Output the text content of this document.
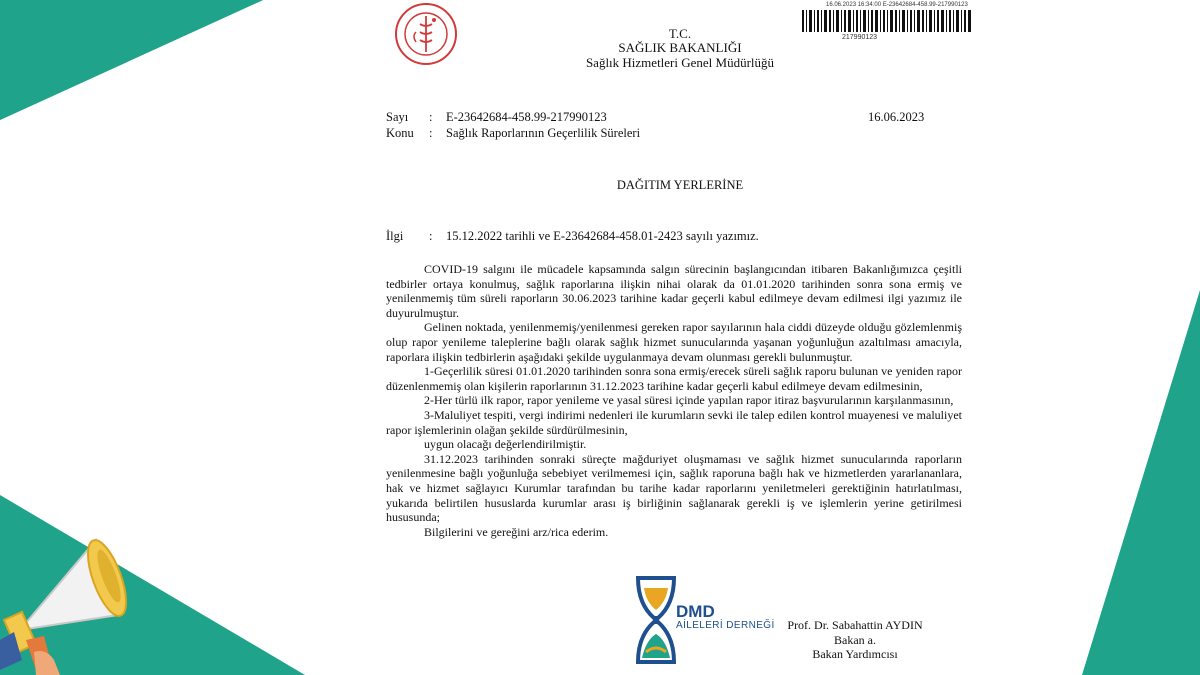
16.06.2023 16:34:00 E-23642684-458.99-217990123
217990123
T.C.
SAĞLIK BAKANLIĞI
Sağlık Hizmetleri Genel Müdürlüğü
Sayı : E-23642684-458.99-217990123	16.06.2023
Konu : Sağlık Raporlarının Geçerlilik Süreleri
DAĞITIM YERLERİNE
İlgi : 15.12.2022 tarihli ve E-23642684-458.01-2423 sayılı yazımız.

COVID-19 salgını ile mücadele kapsamında salgın sürecinin başlangıcından itibaren Bakanlığımızca çeşitli tedbirler ortaya konulmuş, sağlık raporlarına ilişkin nihai olarak da 01.01.2020 tarihinden sonra sona ermiş ve yenilenmemiş tüm süreli raporların 30.06.2023 tarihine kadar geçerli kabul edilmeye devam edilmesi ilgi yazımız ile duyurulmuştur.

Gelinen noktada, yenilenmemiş/yenilenmesi gereken rapor sayılarının hala ciddi düzeyde olduğu gözlemlenmiş olup rapor yenileme taleplerine bağlı olarak sağlık hizmet sunucularında yaşanan yoğunluğun azaltılması amacıyla, raporlara ilişkin tedbirlerin aşağıdaki şekilde uygulanmaya devam olunması gerekli bulunmuştur.

1-Geçerlilik süresi 01.01.2020 tarihinden sonra sona ermiş/erecek süreli sağlık raporu bulunan ve yeniden rapor düzenlenmemiş olan kişilerin raporlarının 31.12.2023 tarihine kadar geçerli kabul edilmeye devam edilmesinin,

2-Her türlü ilk rapor, rapor yenileme ve yasal süresi içinde yapılan rapor itiraz başvurularının karşılanmasının,

3-Maluliyet tespiti, vergi indirimi nedenleri ile kurumların sevki ile talep edilen kontrol muayenesi ve maluliyet rapor işlemlerinin olağan şekilde sürdürülmesinin,

uygun olacağı değerlendirilmiştir.

31.12.2023 tarihinden sonraki süreçte mağduriyet oluşmaması ve sağlık hizmet sunucularında raporların yenilenmesine bağlı yoğunluğa sebebiyet verilmemesi için, sağlık raporuna bağlı hak ve hizmetlerden yararlananlara, hak ve hizmet sağlayıcı Kurumlar tarafından bu tarihe kadar raporlarını yeniletmeleri gerektiğinin hatırlatılması, yukarıda belirtilen hususlarda kurumlar arası iş birliğinin sağlanarak gerekli iş ve işlemlerin yerine getirilmesi hususunda;

Bilgilerini ve gereğini arz/rica ederim.

DMD
AİLELERİ DERNEĞİ	Prof. Dr. Sabahattin AYDIN
Bakan a.
Bakan Yardımcısı
